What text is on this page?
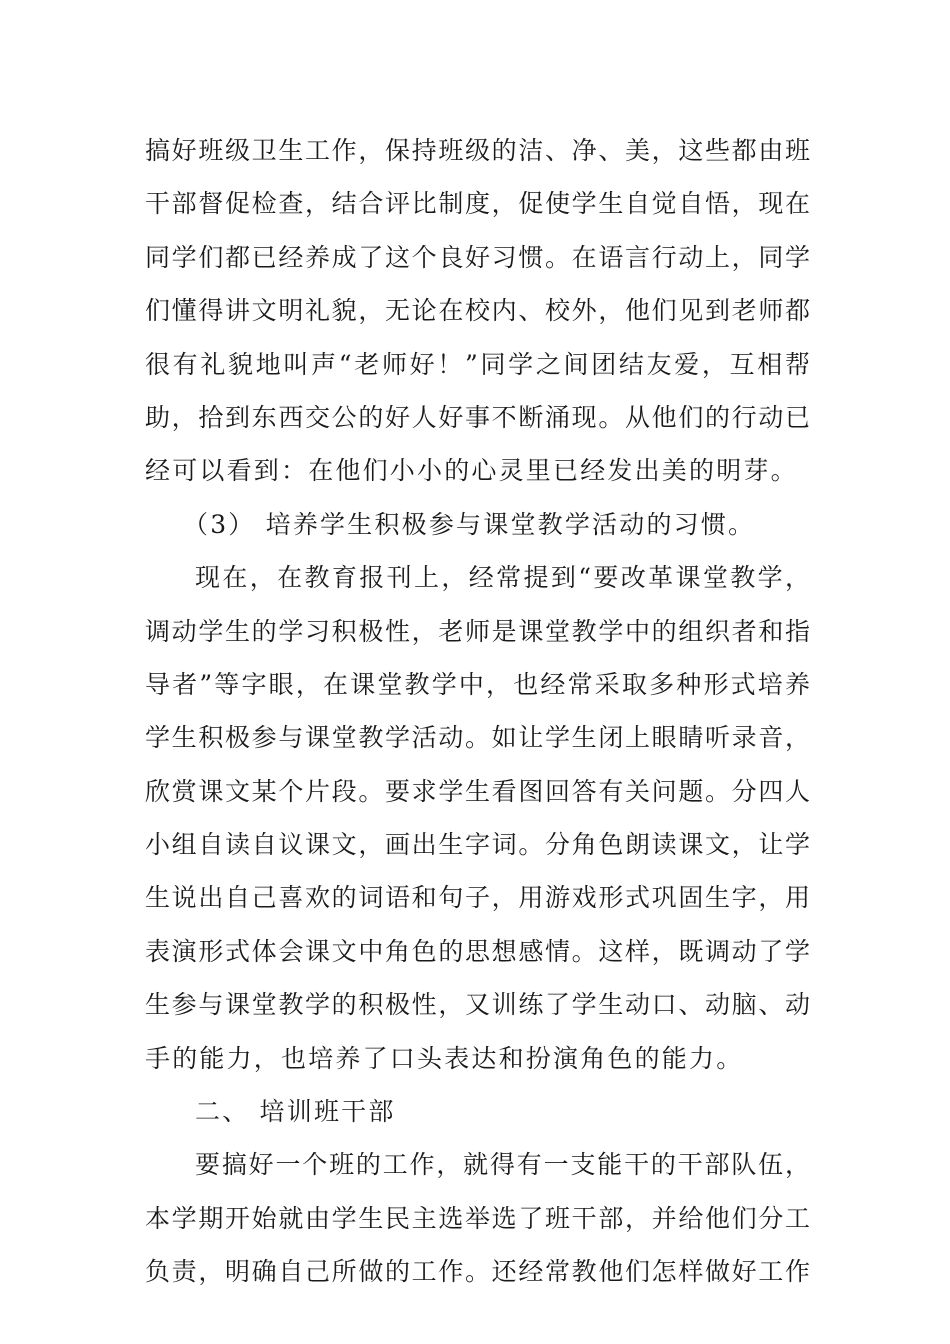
搞好班级卫生工作，保持班级的洁、净、美，这些都由班
干部督促检查，结合评比制度，促使学生自觉自悟，现在
同学们都已经养成了这个良好习惯。在语言行动上，同学
们懂得讲文明礼貌，无论在校内、校外，他们见到老师都
很有礼貌地叫声“老师好！”同学之间团结友爱，互相帮
助，拾到东西交公的好人好事不断涌现。从他们的行动已
经可以看到：在他们小小的心灵里已经发出美的明芽。
（3） 培养学生积极参与课堂教学活动的习惯。
现在，在教育报刊上，经常提到“要改革课堂教学，
调动学生的学习积极性，老师是课堂教学中的组织者和指
导者”等字眼，在课堂教学中，也经常采取多种形式培养
学生积极参与课堂教学活动。如让学生闭上眼睛听录音，
欣赏课文某个片段。要求学生看图回答有关问题。分四人
小组自读自议课文，画出生字词。分角色朗读课文，让学
生说出自己喜欢的词语和句子，用游戏形式巩固生字，用
表演形式体会课文中角色的思想感情。这样，既调动了学
生参与课堂教学的积极性，又训练了学生动口、动脑、动
手的能力，也培养了口头表达和扮演角色的能力。
二、 培训班干部
要搞好一个班的工作，就得有一支能干的干部队伍，
本学期开始就由学生民主选举选了班干部，并给他们分工
负责，明确自己所做的工作。还经常教他们怎样做好工作
